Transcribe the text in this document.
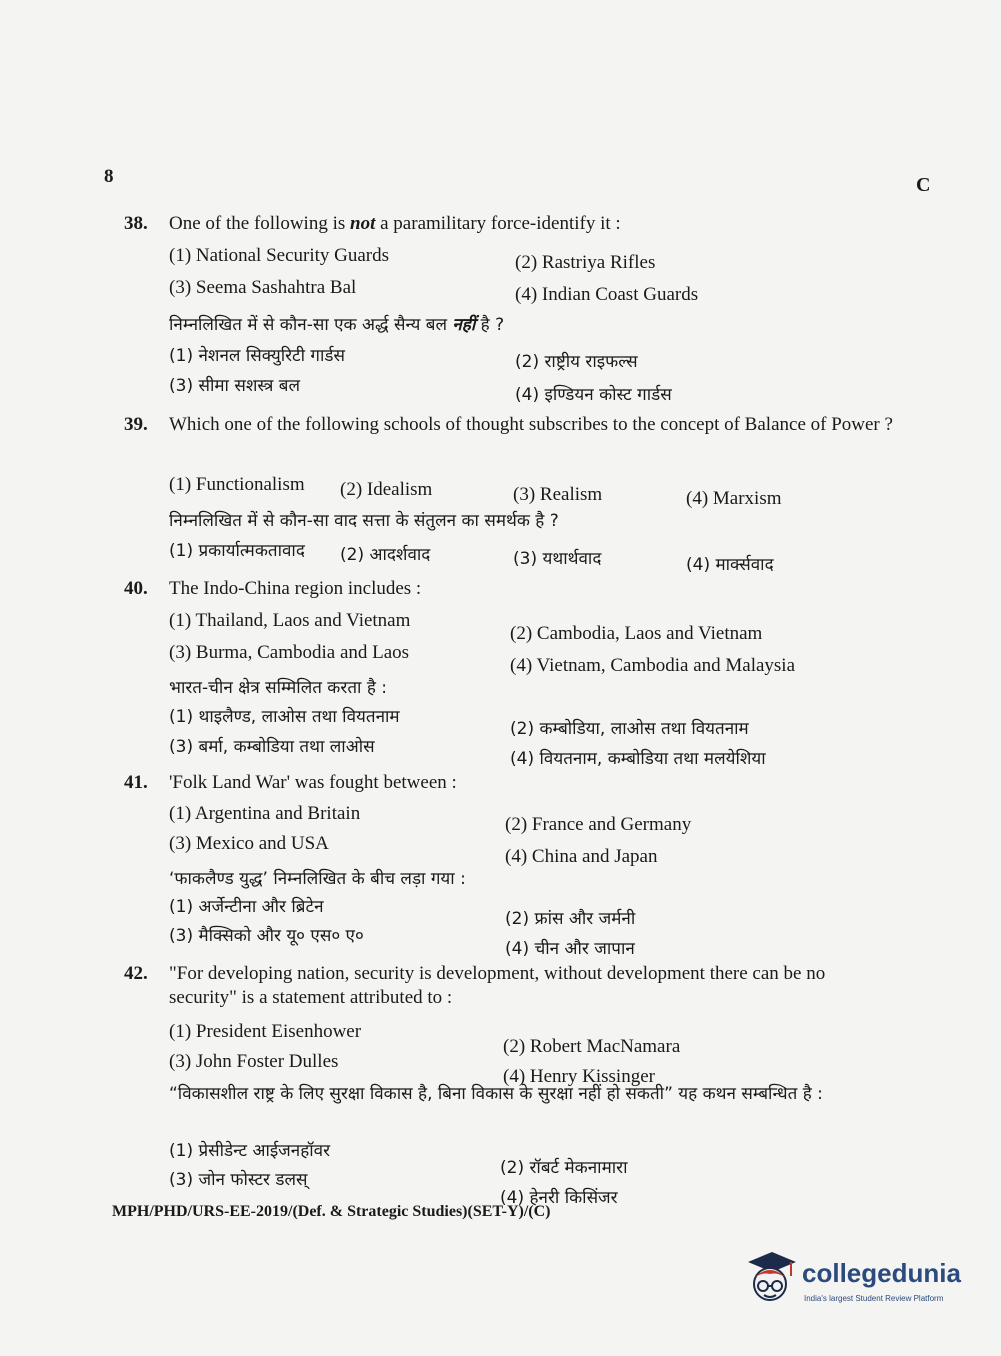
8	C
38. One of the following is not a paramilitary force-identify it :
(1) National Security Guards	(2) Rastriya Rifles
(3) Seema Sashahtra Bal	(4) Indian Coast Guards
निम्नलिखित में से कौन-सा एक अर्द्ध सैन्य बल नहीं है ?
(1) नेशनल सिक्युरिटी गार्डस	(2) राष्ट्रीय राइफल्स
(3) सीमा सशस्त्र बल	(4) इण्डियन कोस्ट गार्डस
39. Which one of the following schools of thought subscribes to the concept of Balance of Power ?
(1) Functionalism (2) Idealism	(3) Realism	(4) Marxism
निम्नलिखित में से कौन-सा वाद सत्ता के संतुलन का समर्थक है ?
(1) प्रकार्यात्मकतावाद (2) आदर्शवाद	(3) यथार्थवाद	(4) मार्क्सवाद
40. The Indo-China region includes :
(1) Thailand, Laos and Vietnam
(2) Cambodia, Laos and Vietnam
(3) Burma, Cambodia and Laos
(4) Vietnam, Cambodia and Malaysia
भारत-चीन क्षेत्र सम्मिलित करता है :
(1) थाइलैण्ड, लाओस तथा वियतनाम
(2) कम्बोडिया, लाओस तथा वियतनाम
(3) बर्मा, कम्बोडिया तथा लाओस
(4) वियतनाम, कम्बोडिया तथा मलयेशिया
41. 'Folk Land War' was fought between :
(1) Argentina and Britain
(2) France and Germany
(3) Mexico and USA
(4) China and Japan
‘फाकलैण्ड युद्ध’ निम्नलिखित के बीच लड़ा गया :
(1) अर्जेन्टीना और ब्रिटेन
(2) फ्रांस और जर्मनी
(3) मैक्सिको और यू० एस० ए०
(4) चीन और जापान
42. "For developing nation, security is development, without development there can be no security" is a statement attributed to :
(1) President Eisenhower
(2) Robert MacNamara
(3) John Foster Dulles
(4) Henry Kissinger
“विकासशील राष्ट्र के लिए सुरक्षा विकास है, बिना विकास के सुरक्षा नहीं हो सकती” यह कथन सम्बन्धित है :
(1) प्रेसीडेन्ट आईजनहॉवर
(2) रॉबर्ट मेकनामारा
(3) जोन फोस्टर डलस्
(4) हेनरी किसिंजर
MPH/PHD/URS-EE-2019/(Def. & Strategic Studies)(SET-Y)/(C)
collegedunia
India's largest Student Review Platform
